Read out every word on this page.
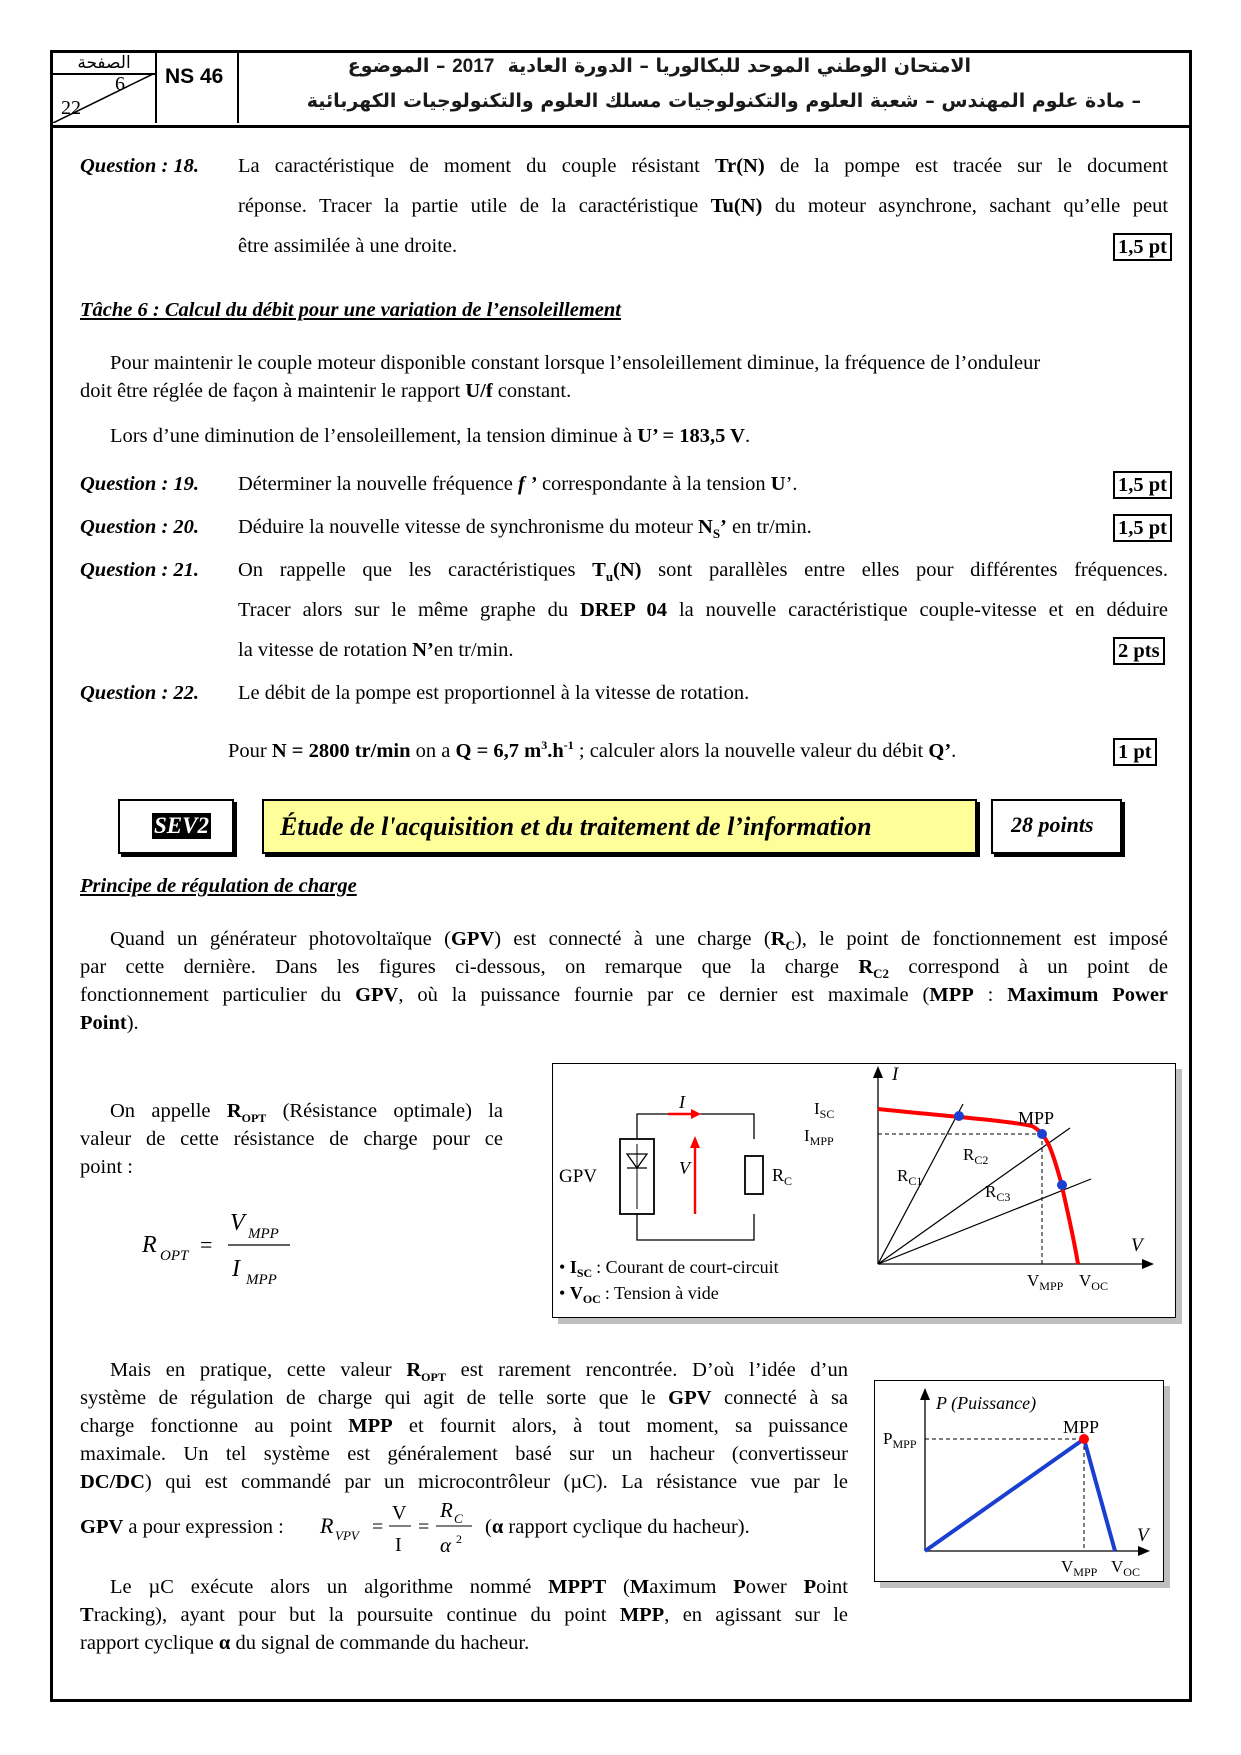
الصفحة
6
22
NS 46	الامتحان الوطني الموحد للبكالوريا – الدورة العادية  2017 – الموضوع
– مادة علوم المهندس – شعبة العلوم والتكنولوجيات مسلك العلوم والتكنولوجيات الكهربائية
Question : 18. La caractéristique de moment du couple résistant Tr(N) de la pompe est tracée sur le document
réponse. Tracer la partie utile de la caractéristique Tu(N) du moteur asynchrone, sachant qu’elle peut
être assimilée à une droite.	1,5 pt
Tâche 6 : Calcul du débit pour une variation de l’ensoleillement
Pour maintenir le couple moteur disponible constant lorsque l’ensoleillement diminue, la fréquence de l’onduleur
doit être réglée de façon à maintenir le rapport U/f constant.
Lors d’une diminution de l’ensoleillement, la tension diminue à U’ = 183,5 V.
Question : 19. Déterminer la nouvelle fréquence f ’ correspondante à la tension U’.	1,5 pt
Question : 20. Déduire la nouvelle vitesse de synchronisme du moteur $N_S$’ en tr/min.	1,5 pt
Question : 21. On rappelle que les caractéristiques $T_u(N)$ sont parallèles entre elles pour différentes fréquences.
Tracer alors sur le même graphe du DREP 04 la nouvelle caractéristique couple-vitesse et en déduire
la vitesse de rotation N’en tr/min.	2 pts
Question : 22. Le débit de la pompe est proportionnel à la vitesse de rotation.
Pour N = 2800 tr/min on a Q = 6,7 $m^3.h^{-1}$ ; calculer alors la nouvelle valeur du débit Q’.	1 pt
SEV2	Étude de l'acquisition et du traitement de l’information	28 points
Principe de régulation de charge
Quand un générateur photovoltaïque (GPV) est connecté à une charge $(R_C)$, le point de fonctionnement est imposé
par cette dernière. Dans les figures ci-dessous, on remarque que la charge $R_{C2}$ correspond à un point de
fonctionnement particulier du GPV, où la puissance fournie par ce dernier est maximale (MPP : Maximum Power
Point).
On appelle $R_{OPT}$ (Résistance optimale) la
valeur de cette résistance de charge pour ce
point :
R OPT =
V MPP
I MPP
GPV
I
V	$R_C$
• $I_{SC}$ : Courant de court-circuit
• $V_{OC}$ : Tension à vide
I
V
$I_{SC}$
$I_{MPP}$
MPP
$R_{C1}$
$R_{C2}$
$R_{C3}$
$V_{MPP}$ $V_{OC}$
Mais en pratique, cette valeur $R_{OPT}$ est rarement rencontrée. D’où l’idée d’un
système de régulation de charge qui agit de telle sorte que le GPV connecté à sa
charge fonctionne au point MPP et fournit alors, à tout moment, sa puissance
maximale. Un tel système est généralement basé sur un hacheur (convertisseur
DC/DC) qui est commandé par un microcontrôleur (µC). La résistance vue par le
GPV a pour expression : R VPV =
V
I
=
R C
α 2
(α rapport cyclique du hacheur).
Le µC exécute alors un algorithme nommé MPPT (Maximum Power Point
Tracking), ayant pour but la poursuite continue du point MPP, en agissant sur le
rapport cyclique α du signal de commande du hacheur.
P (Puissance)
V
$P_{MPP}$
MPP
$V_{MPP}$ $V_{OC}$
